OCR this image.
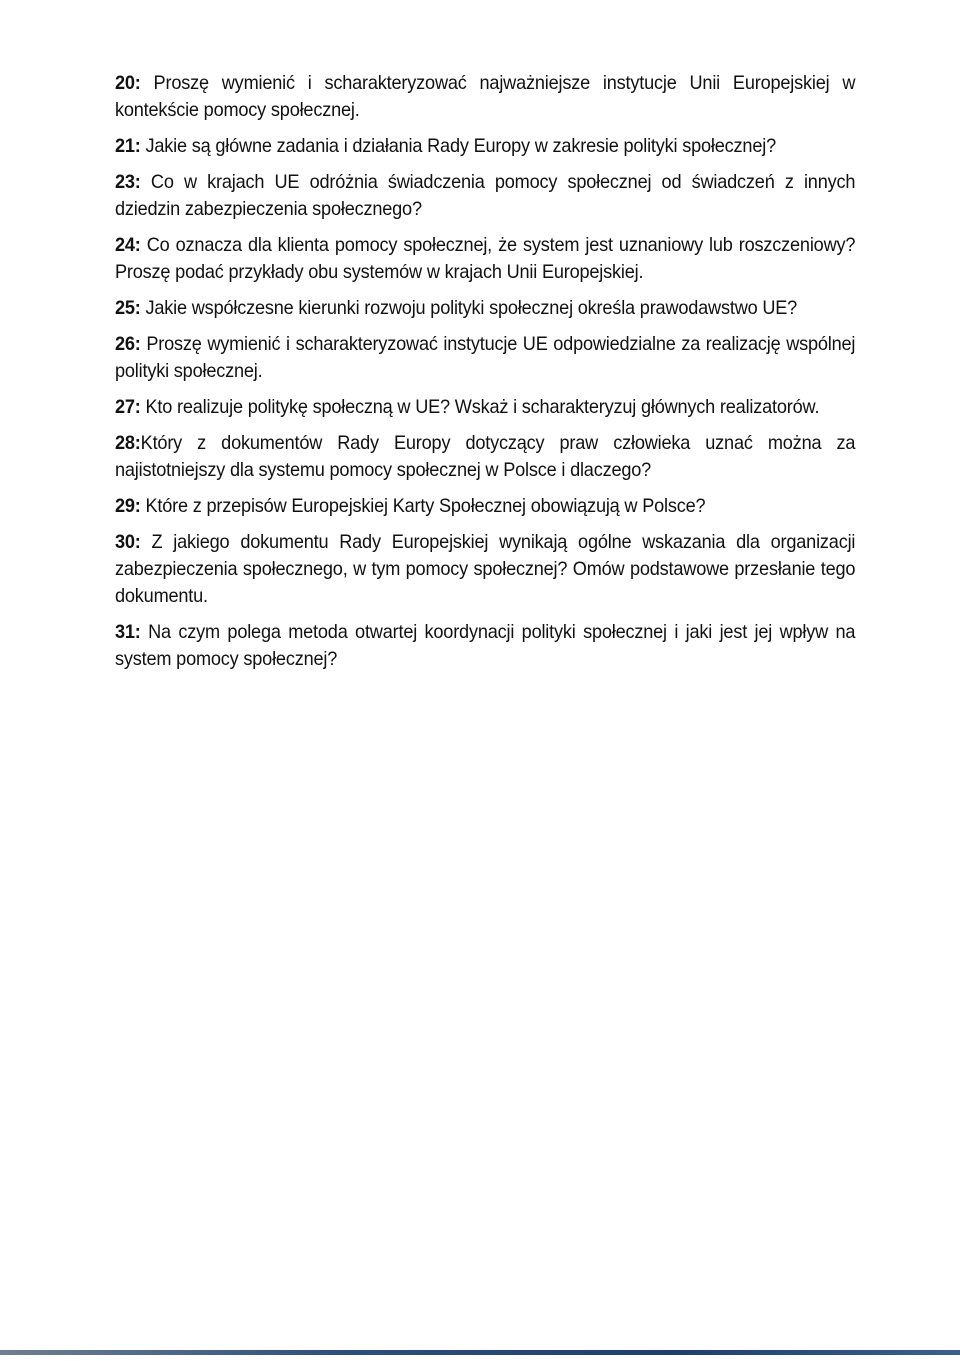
20: Proszę wymienić i scharakteryzować najważniejsze instytucje Unii Europejskiej w kontekście pomocy społecznej.
21: Jakie są główne zadania i działania Rady Europy w zakresie polityki społecznej?
23: Co w krajach UE odróżnia świadczenia pomocy społecznej od świadczeń z innych dziedzin zabezpieczenia społecznego?
24: Co oznacza dla klienta pomocy społecznej, że system jest uznaniowy lub roszczeniowy? Proszę podać przykłady obu systemów w krajach Unii Europejskiej.
25: Jakie współczesne kierunki rozwoju polityki społecznej określa prawodawstwo UE?
26: Proszę wymienić i scharakteryzować instytucje UE odpowiedzialne za realizację wspólnej polityki społecznej.
27: Kto realizuje politykę społeczną w UE? Wskaż i scharakteryzuj głównych realizatorów.
28:Który z dokumentów Rady Europy dotyczący praw człowieka uznać można za najistotniejszy dla systemu pomocy społecznej w Polsce i dlaczego?
29: Które z przepisów Europejskiej Karty Społecznej obowiązują w Polsce?
30: Z jakiego dokumentu Rady Europejskiej wynikają ogólne wskazania dla organizacji zabezpieczenia społecznego, w tym pomocy społecznej? Omów podstawowe przesłanie tego dokumentu.
31: Na czym polega metoda otwartej koordynacji polityki społecznej i jaki jest jej wpływ na system pomocy społecznej?
